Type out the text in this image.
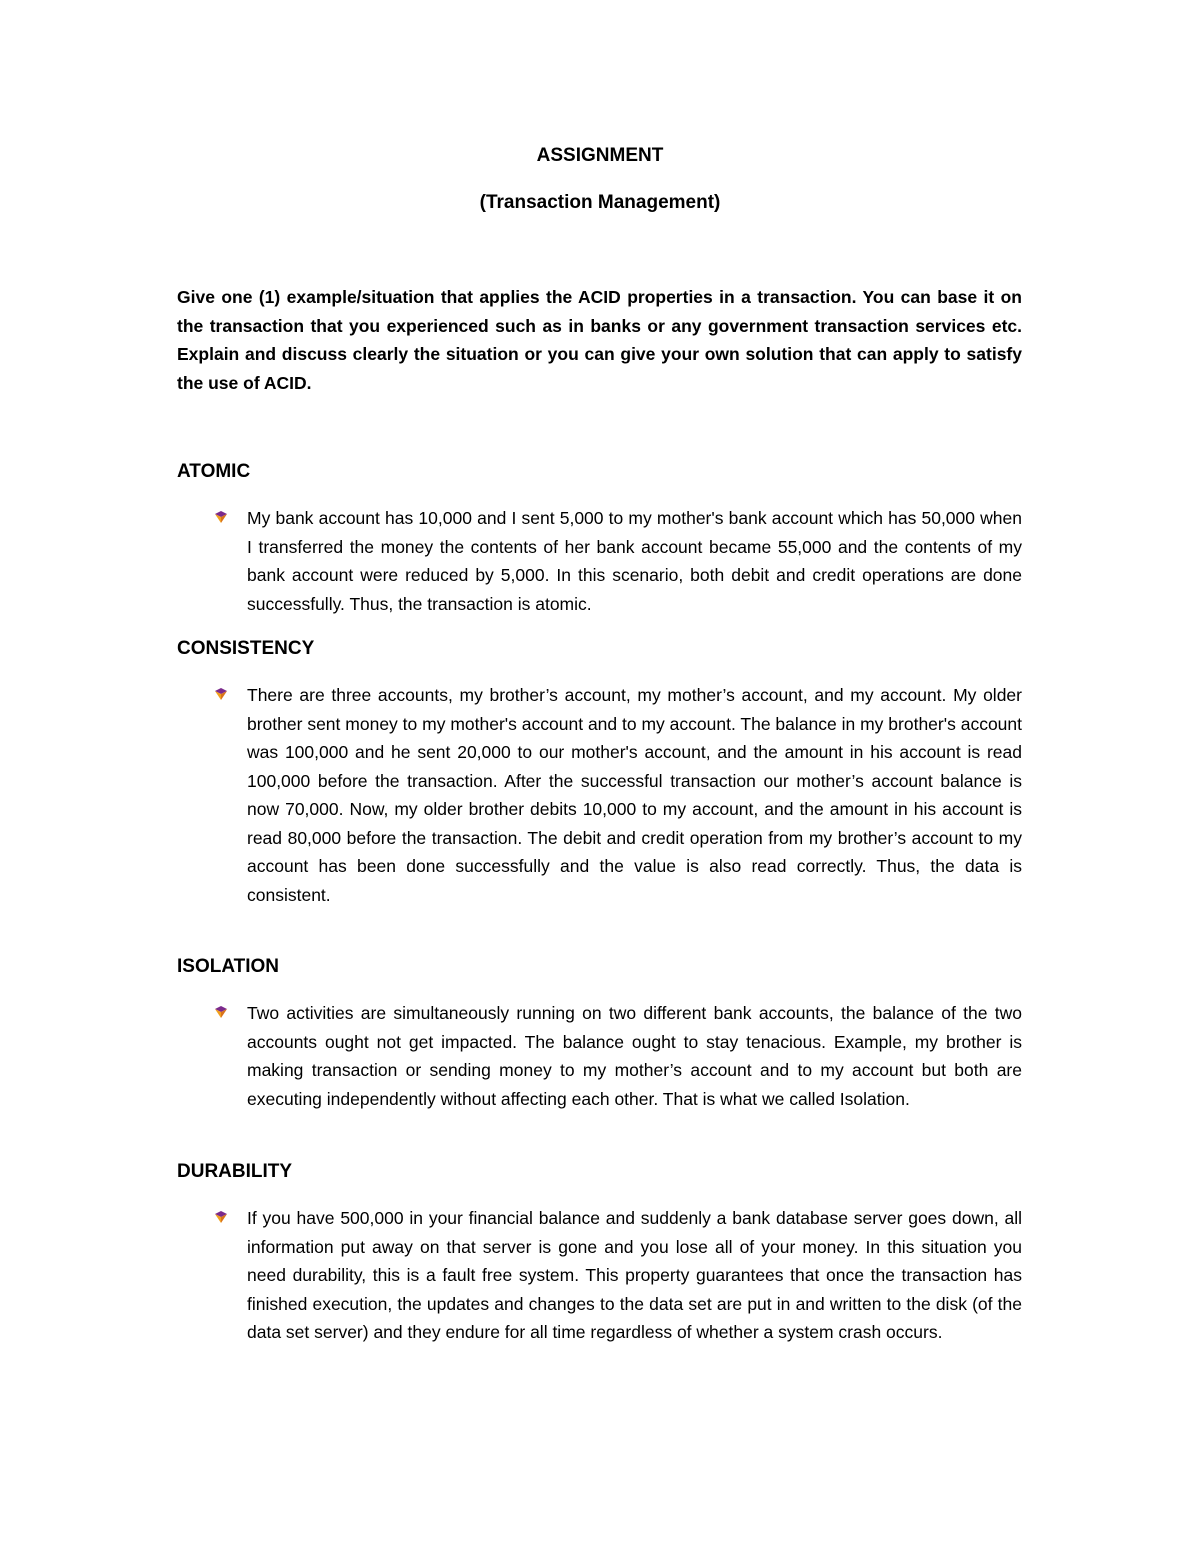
ASSIGNMENT
(Transaction Management)

Give one (1) example/situation that applies the ACID properties in a transaction. You can base it on the transaction that you experienced such as in banks or any government transaction services etc. Explain and discuss clearly the situation or you can give your own solution that can apply to satisfy the use of ACID.

ATOMIC

My bank account has 10,000 and I sent 5,000 to my mother's bank account which has 50,000 when I transferred the money the contents of her bank account became 55,000 and the contents of my bank account were reduced by 5,000. In this scenario, both debit and credit operations are done successfully. Thus, the transaction is atomic.

CONSISTENCY

There are three accounts, my brother’s account, my mother’s account, and my account. My older brother sent money to my mother's account and to my account. The balance in my brother's account was 100,000 and he sent 20,000 to our mother's account, and the amount in his account is read 100,000 before the transaction. After the successful transaction our mother’s account balance is now 70,000. Now, my older brother debits 10,000 to my account, and the amount in his account is read 80,000 before the transaction. The debit and credit operation from my brother’s account to my account has been done successfully and the value is also read correctly. Thus, the data is consistent.

ISOLATION

Two activities are simultaneously running on two different bank accounts, the balance of the two accounts ought not get impacted. The balance ought to stay tenacious. Example, my brother is making transaction or sending money to my mother’s account and to my account but both are executing independently without affecting each other. That is what we called Isolation.

DURABILITY

If you have 500,000 in your financial balance and suddenly a bank database server goes down, all information put away on that server is gone and you lose all of your money. In this situation you need durability, this is a fault free system. This property guarantees that once the transaction has finished execution, the updates and changes to the data set are put in and written to the disk (of the data set server) and they endure for all time regardless of whether a system crash occurs.
